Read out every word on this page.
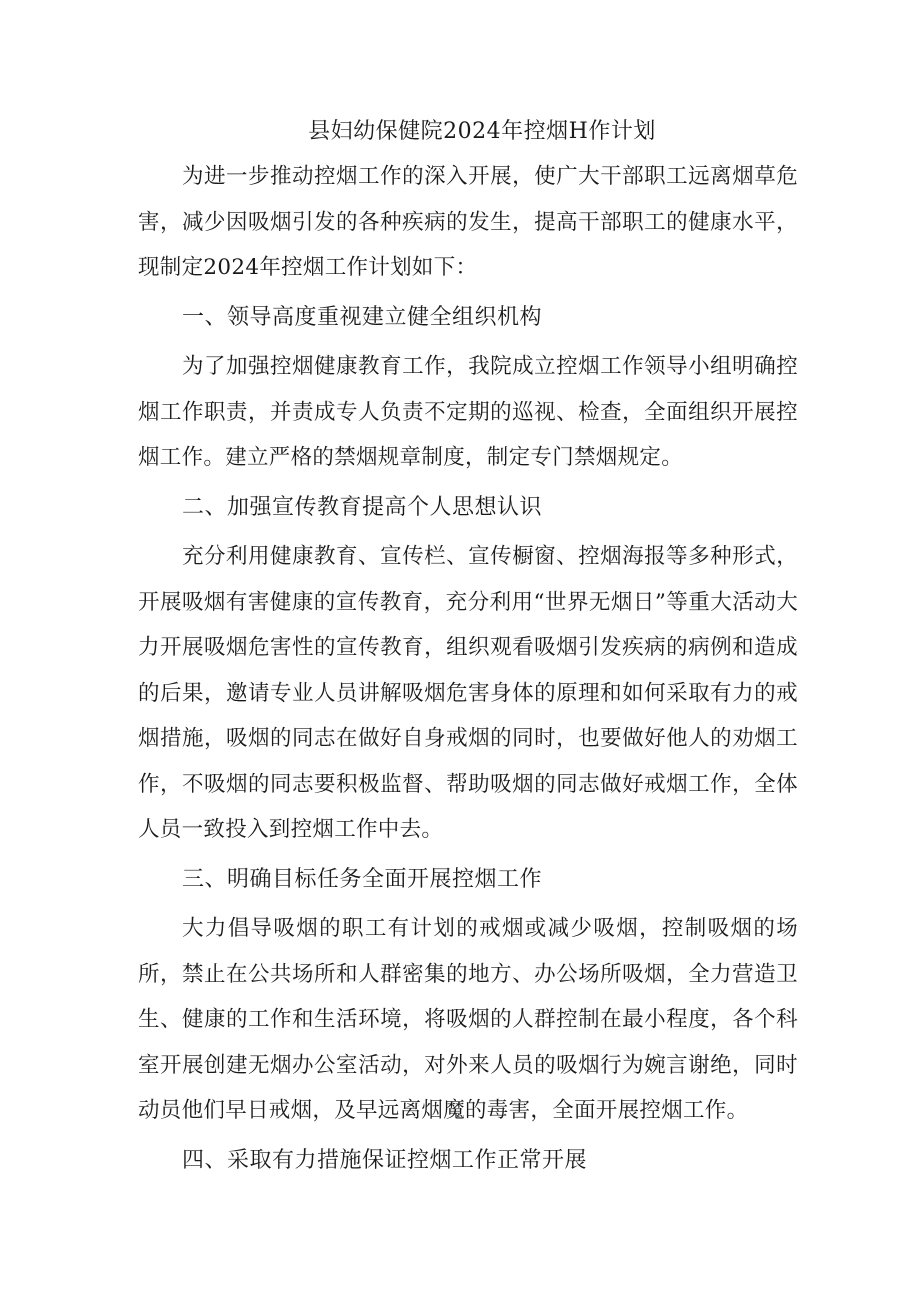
县妇幼保健院2024年控烟H作计划

为进一步推动控烟工作的深入开展，使广大干部职工远离烟草危害，减少因吸烟引发的各种疾病的发生，提高干部职工的健康水平，现制定2024年控烟工作计划如下：

一、领导高度重视建立健全组织机构

为了加强控烟健康教育工作，我院成立控烟工作领导小组明确控烟工作职责，并责成专人负责不定期的巡视、检查，全面组织开展控烟工作。建立严格的禁烟规章制度，制定专门禁烟规定。

二、加强宣传教育提高个人思想认识

充分利用健康教育、宣传栏、宣传橱窗、控烟海报等多种形式，开展吸烟有害健康的宣传教育，充分利用“世界无烟日”等重大活动大力开展吸烟危害性的宣传教育，组织观看吸烟引发疾病的病例和造成的后果，邀请专业人员讲解吸烟危害身体的原理和如何采取有力的戒烟措施，吸烟的同志在做好自身戒烟的同时，也要做好他人的劝烟工作，不吸烟的同志要积极监督、帮助吸烟的同志做好戒烟工作，全体人员一致投入到控烟工作中去。

三、明确目标任务全面开展控烟工作

大力倡导吸烟的职工有计划的戒烟或减少吸烟，控制吸烟的场所，禁止在公共场所和人群密集的地方、办公场所吸烟，全力营造卫生、健康的工作和生活环境，将吸烟的人群控制在最小程度，各个科室开展创建无烟办公室活动，对外来人员的吸烟行为婉言谢绝，同时动员他们早日戒烟，及早远离烟魔的毒害，全面开展控烟工作。

四、采取有力措施保证控烟工作正常开展
